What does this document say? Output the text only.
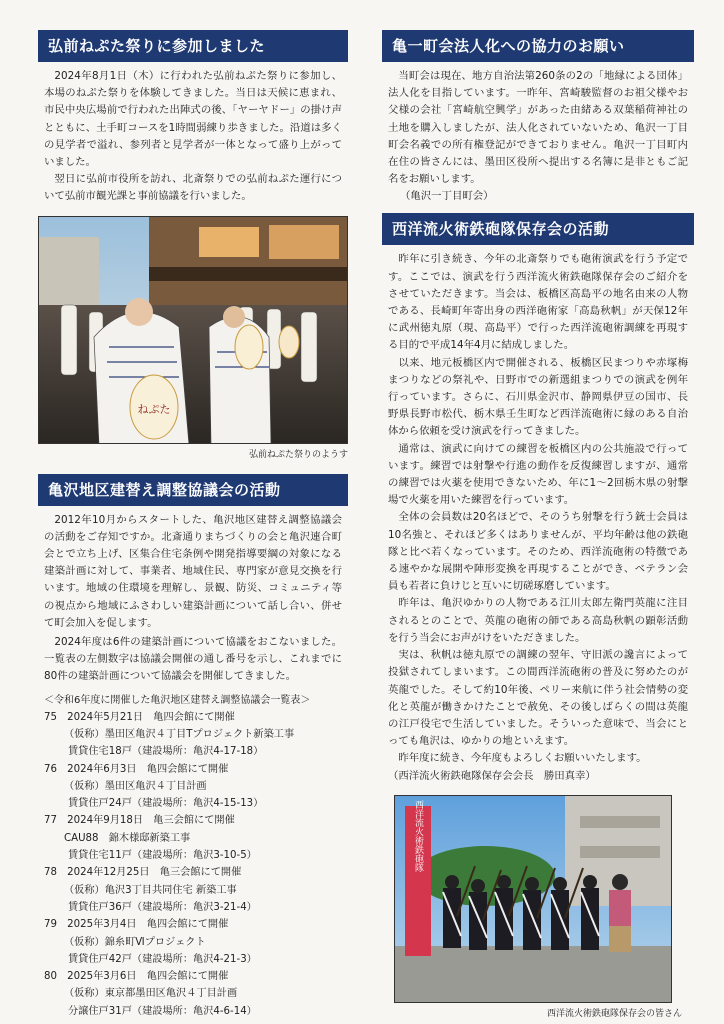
弘前ねぷた祭りに参加しました

2024年8月1日（木）に行われた弘前ねぷた祭りに参加し、本場のねぷた祭りを体験してきました。当日は天候に恵まれ、市民中央広場前で行われた出陣式の後、「ヤーヤドー」の掛け声とともに、土手町コースを1時間弱練り歩きました。沿道は多くの見学者で溢れ、参列者と見学者が一体となって盛り上がっていました。

翌日に弘前市役所を訪れ、北斎祭りでの弘前ねぷた運行について弘前市観光課と事前協議を行いました。

ねぷた
弘前ねぷた祭りのようす
亀沢地区建替え調整協議会の活動

2012年10月からスタートした、亀沢地区建替え調整協議会の活動をご存知ですか。北斎通りまちづくりの会と亀沢連合町会とで立ち上げ、区集合住宅条例や開発指導要綱の対象になる建築計画に対して、事業者、地域住民、専門家が意見交換を行います。地域の住環境を理解し、景観、防災、コミュニティ等の視点から地域にふさわしい建築計画について話し合い、併せて町会加入を促します。

2024年度は6件の建築計画について協議をおこないました。一覧表の左側数字は協議会開催の通し番号を示し、これまでに80件の建築計画について協議会を開催してきました。

＜令和6年度に開催した亀沢地区建替え調整協議会一覧表＞

75　2024年5月21日　亀四会館にて開催
（仮称）墨田区亀沢４丁目Tプロジェクト新築工事
賃貸住宅18戸（建設場所：亀沢4-17-18）
76　2024年6月3日　亀四会館にて開催
（仮称）墨田区亀沢４丁目計画
賃貸住戸24戸（建設場所：亀沢4-15-13）
77　2024年9月18日　亀三会館にて開催
CAU88　錦木様邸新築工事
賃貸住宅11戸（建設場所：亀沢3-10-5）
78　2024年12月25日　亀三会館にて開催
（仮称）亀沢3丁目共同住宅 新築工事
賃貸住戸36戸（建設場所：亀沢3-21-4）
79　2025年3月4日　亀四会館にて開催
（仮称）錦糸町Ⅵプロジェクト
賃貸住戸42戸（建設場所：亀沢4-21-3）
80　2025年3月6日　亀四会館にて開催
（仮称）東京都墨田区亀沢４丁目計画
分譲住戸31戸（建設場所：亀沢4-6-14）
亀一町会法人化への協力のお願い

当町会は現在、地方自治法第260条の2の「地縁による団体」法人化を目指しています。一昨年、宮崎駿監督のお祖父様やお父様の会社「宮崎航空興学」があった由緒ある双葉稲荷神社の土地を購入しましたが、法人化されていないため、亀沢一丁目町会名義での所有権登記ができておりません。亀沢一丁目町内在住の皆さんには、墨田区役所へ提出する名簿に是非ともご記名をお願いします。

（亀沢一丁目町会）

西洋流火術鉄砲隊保存会の活動

昨年に引き続き、今年の北斎祭りでも砲術演武を行う予定です。ここでは、演武を行う西洋流火術鉄砲隊保存会のご紹介をさせていただきます。当会は、板橋区高島平の地名由来の人物である、長崎町年寄出身の西洋砲術家「高島秋帆」が天保12年に武州徳丸原（現、高島平）で行った西洋流砲術調練を再現する目的で平成14年4月に結成しました。

以来、地元板橋区内で開催される、板橋区民まつりや赤塚梅まつりなどの祭礼や、日野市での新選組まつりでの演武を例年行っています。さらに、石川県金沢市、静岡県伊豆の国市、長野県長野市松代、栃木県壬生町など西洋流砲術に縁のある自治体から依頼を受け演武を行ってきました。

通常は、演武に向けての練習を板橋区内の公共施設で行っています。練習では射撃や行進の動作を反復練習しますが、通常の練習では火薬を使用できないため、年に1～2回栃木県の射撃場で火薬を用いた練習を行っています。

全体の会員数は20名ほどで、そのうち射撃を行う銃士会員は10名強と、それほど多くはありませんが、平均年齢は他の鉄砲隊と比べ若くなっています。そのため、西洋流砲術の特徴である速やかな展開や陣形変換を再現することができ、ベテラン会員も若者に負けじと互いに切磋琢磨しています。

昨年は、亀沢ゆかりの人物である江川太郎左衛門英龍に注目されるとのことで、英龍の砲術の師である高島秋帆の顕彰活動を行う当会にお声がけをいただきました。

実は、秋帆は徳丸原での調練の翌年、守旧派の讒言によって投獄されてしまいます。この間西洋流砲術の普及に努めたのが英龍でした。そして約10年後、ペリー来航に伴う社会情勢の変化と英龍が働きかけたことで赦免、その後しばらくの間は英龍の江戸役宅で生活していました。そういった意味で、当会にとっても亀沢は、ゆかりの地といえます。

昨年度に続き、今年度もよろしくお願いいたします。

（西洋流火術鉄砲隊保存会会長　勝田真幸）

西洋流火術鉄砲隊
西洋流火術鉄砲隊保存会の皆さん
